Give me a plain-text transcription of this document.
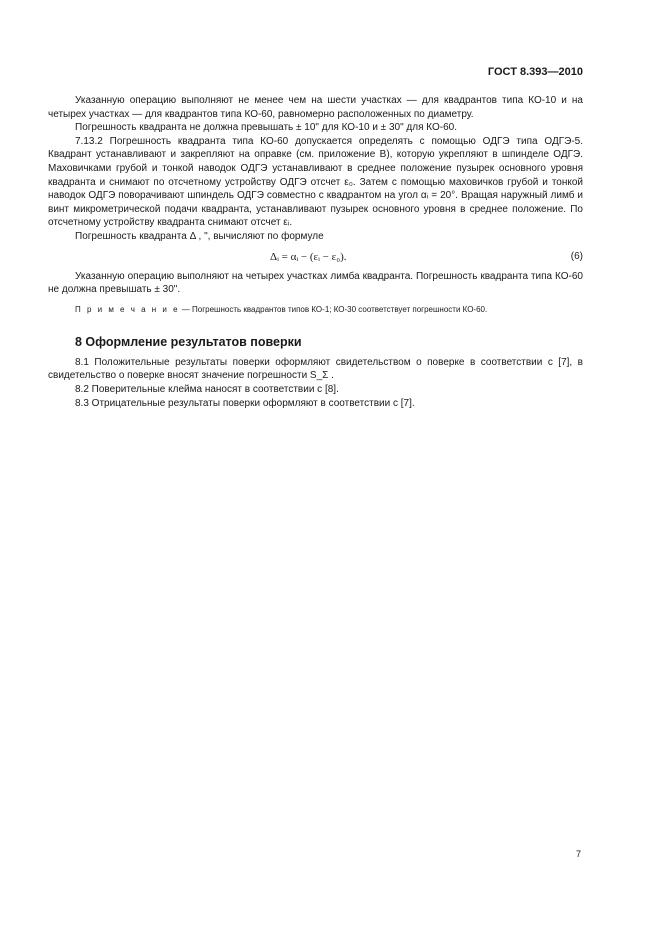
ГОСТ 8.393—2010

Указанную операцию выполняют не менее чем на шести участках — для квадрантов типа КО-10 и на четырех участках — для квадрантов типа КО-60, равномерно расположенных по диаметру.

Погрешность квадранта не должна превышать ± 10" для КО-10 и ± 30" для КО-60.

7.13.2 Погрешность квадранта типа КО-60 допускается определять с помощью ОДГЭ типа ОДГЭ-5. Квадрант устанавливают и закрепляют на оправке (см. приложение В), которую укрепляют в шпинделе ОДГЭ. Маховичками грубой и тонкой наводок ОДГЭ устанавливают в среднее положение пузырек основного уровня квадранта и снимают по отсчетному устройству ОДГЭ отсчет ε₀. Затем с помощью маховичков грубой и тонкой наводок ОДГЭ поворачивают шпиндель ОДГЭ совместно с квадрантом на угол αᵢ = 20°. Вращая наружный лимб и винт микрометрической подачи квадранта, устанавливают пузырек основного уровня в среднее положение. По отсчетному устройству квадранта снимают отсчет εᵢ.

Погрешность квадранта Δ , ", вычисляют по формуле

Δᵢ = αᵢ − (εᵢ − ε₀).	(6)

Указанную операцию выполняют на четырех участках лимба квадранта. Погрешность квадранта типа КО-60 не должна превышать ± 30".

П р и м е ч а н и е — Погрешность квадрантов типов КО-1; КО-30 соответствует погрешности КО-60.
8 Оформление результатов поверки

8.1 Положительные результаты поверки оформляют свидетельством о поверке в соответствии с [7], в свидетельство о поверке вносят значение погрешности S_Σ .

8.2 Поверительные клейма наносят в соответствии с [8].

8.3 Отрицательные результаты поверки оформляют в соответствии с [7].

7
